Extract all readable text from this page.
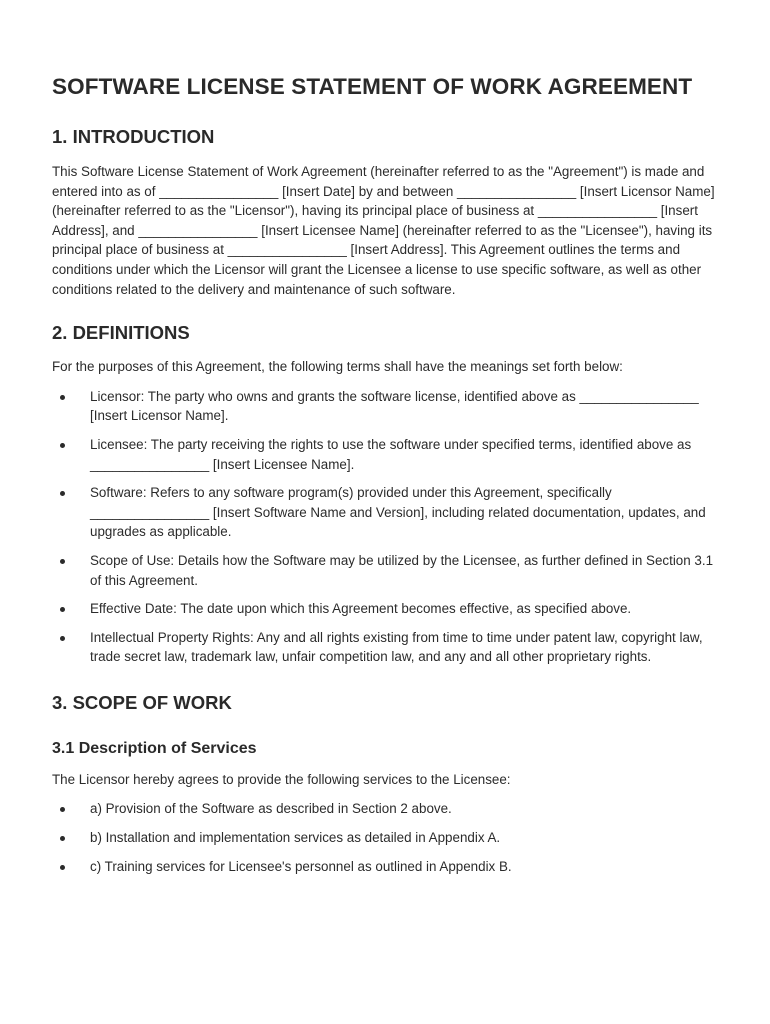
SOFTWARE LICENSE STATEMENT OF WORK AGREEMENT
1. INTRODUCTION

This Software License Statement of Work Agreement (hereinafter referred to as the "Agreement") is made and entered into as of ________________ [Insert Date] by and between ________________ [Insert Licensor Name] (hereinafter referred to as the "Licensor"), having its principal place of business at ________________ [Insert Address], and ________________ [Insert Licensee Name] (hereinafter referred to as the "Licensee"), having its principal place of business at ________________ [Insert Address]. This Agreement outlines the terms and conditions under which the Licensor will grant the Licensee a license to use specific software, as well as other conditions related to the delivery and maintenance of such software.

2. DEFINITIONS

For the purposes of this Agreement, the following terms shall have the meanings set forth below:

Licensor: The party who owns and grants the software license, identified above as ________________ [Insert Licensor Name].
Licensee: The party receiving the rights to use the software under specified terms, identified above as ________________ [Insert Licensee Name].
Software: Refers to any software program(s) provided under this Agreement, specifically ________________ [Insert Software Name and Version], including related documentation, updates, and upgrades as applicable.
Scope of Use: Details how the Software may be utilized by the Licensee, as further defined in Section 3.1 of this Agreement.
Effective Date: The date upon which this Agreement becomes effective, as specified above.
Intellectual Property Rights: Any and all rights existing from time to time under patent law, copyright law, trade secret law, trademark law, unfair competition law, and any and all other proprietary rights.
3. SCOPE OF WORK
3.1 Description of Services

The Licensor hereby agrees to provide the following services to the Licensee:

a) Provision of the Software as described in Section 2 above.
b) Installation and implementation services as detailed in Appendix A.
c) Training services for Licensee's personnel as outlined in Appendix B.
